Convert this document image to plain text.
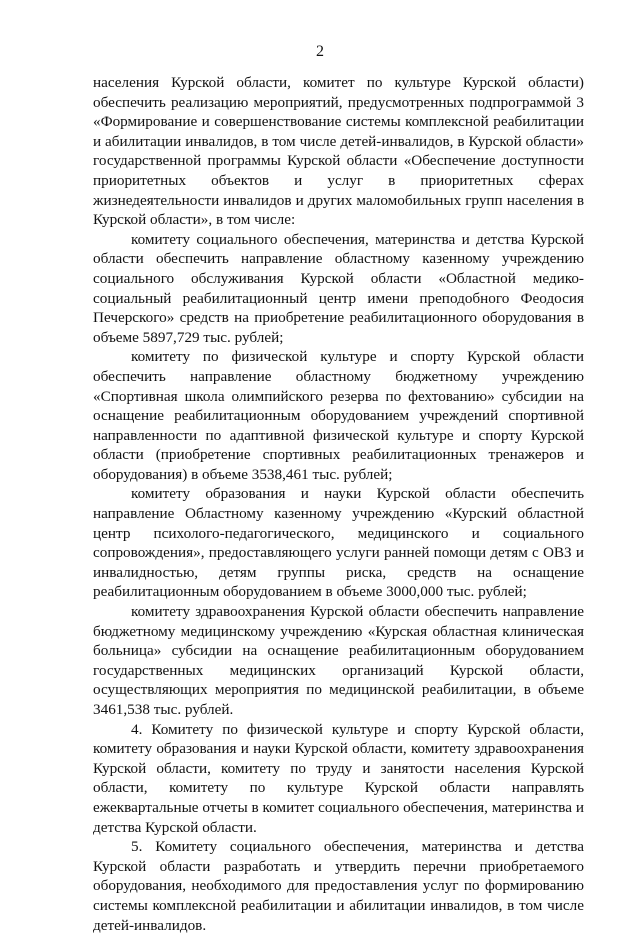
2

населения Курской области, комитет по культуре Курской области) обеспечить реализацию мероприятий, предусмотренных подпрограммой 3 «Формирование и совершенствование системы комплексной реабилитации и абилитации инвалидов, в том числе детей-инвалидов, в Курской области» государственной программы Курской области «Обеспечение доступности приоритетных объектов и услуг в приоритетных сферах жизнедеятельности инвалидов и других маломобильных групп населения в Курской области», в том числе:

комитету социального обеспечения, материнства и детства Курской области обеспечить направление областному казенному учреждению социального обслуживания Курской области «Областной медико-социальный реабилитационный центр имени преподобного Феодосия Печерского» средств на приобретение реабилитационного оборудования в объеме 5897,729 тыс. рублей;

комитету по физической культуре и спорту Курской области обеспечить направление областному бюджетному учреждению «Спортивная школа олимпийского резерва по фехтованию» субсидии на оснащение реабилитационным оборудованием учреждений спортивной направленности по адаптивной физической культуре и спорту Курской области (приобретение спортивных реабилитационных тренажеров и оборудования) в объеме 3538,461 тыс. рублей;

комитету образования и науки Курской области обеспечить направление Областному казенному учреждению «Курский областной центр психолого-педагогического, медицинского и социального сопровождения», предоставляющего услуги ранней помощи детям с ОВЗ и инвалидностью, детям группы риска, средств на оснащение реабилитационным оборудованием в объеме 3000,000 тыс. рублей;

комитету здравоохранения Курской области обеспечить направление бюджетному медицинскому учреждению «Курская областная клиническая больница» субсидии на оснащение реабилитационным оборудованием государственных медицинских организаций Курской области, осуществляющих мероприятия по медицинской реабилитации, в объеме 3461,538 тыс. рублей.

4. Комитету по физической культуре и спорту Курской области, комитету образования и науки Курской области, комитету здравоохранения Курской области, комитету по труду и занятости населения Курской области, комитету по культуре Курской области направлять ежеквартальные отчеты в комитет социального обеспечения, материнства и детства Курской области.

5. Комитету социального обеспечения, материнства и детства Курской области разработать и утвердить перечни приобретаемого оборудования, необходимого для предоставления услуг по формированию системы комплексной реабилитации и абилитации инвалидов, в том числе детей-инвалидов.
